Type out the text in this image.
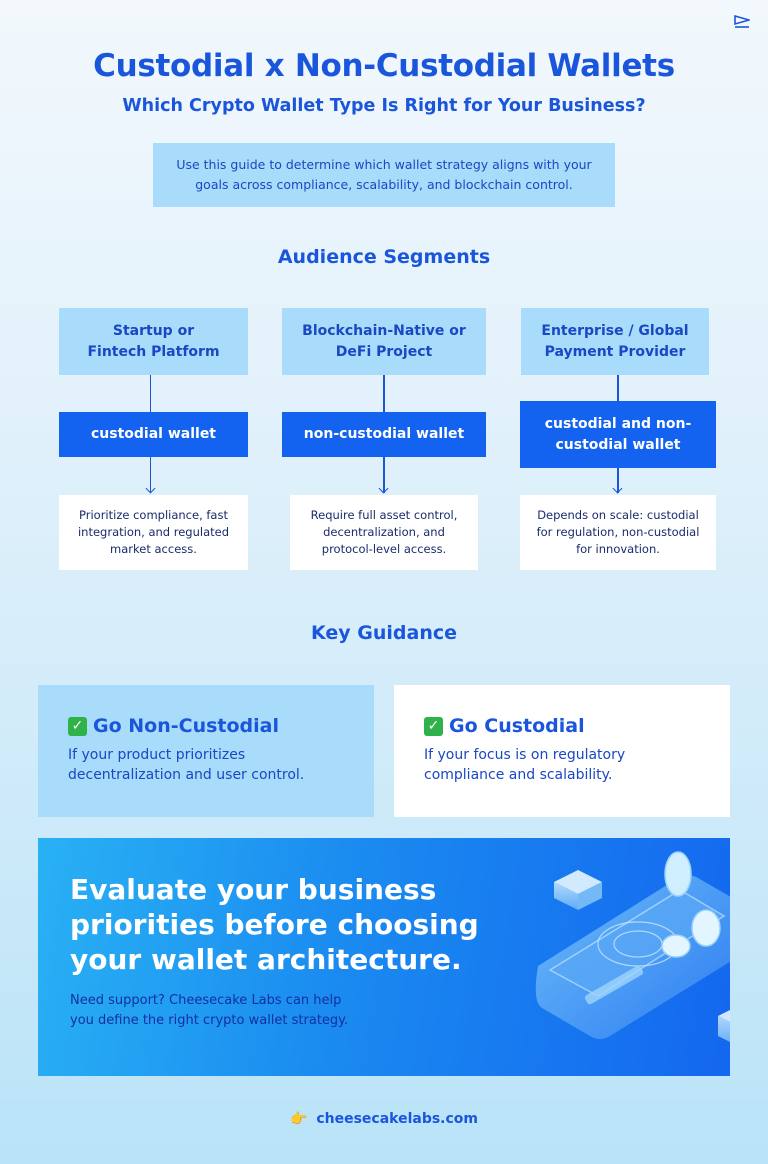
Custodial x Non-Custodial Wallets
Which Crypto Wallet Type Is Right for Your Business?
Use this guide to determine which wallet strategy aligns with your
goals across compliance, scalability, and blockchain control.
Audience Segments
Startup or
Fintech Platform
custodial wallet
Prioritize compliance, fast
integration, and regulated
market access.
Blockchain-Native or
DeFi Project
non-custodial wallet
Require full asset control,
decentralization, and
protocol-level access.
Enterprise / Global
Payment Provider
custodial and non-
custodial wallet
Depends on scale: custodial
for regulation, non-custodial
for innovation.
Key Guidance
✓ Go Non-Custodial
If your product prioritizes
decentralization and user control.
✓ Go Custodial
If your focus is on regulatory
compliance and scalability.
Evaluate your business
priorities before choosing
your wallet architecture.
Need support? Cheesecake Labs can help
you define the right crypto wallet strategy.
👉 cheesecakelabs.com
